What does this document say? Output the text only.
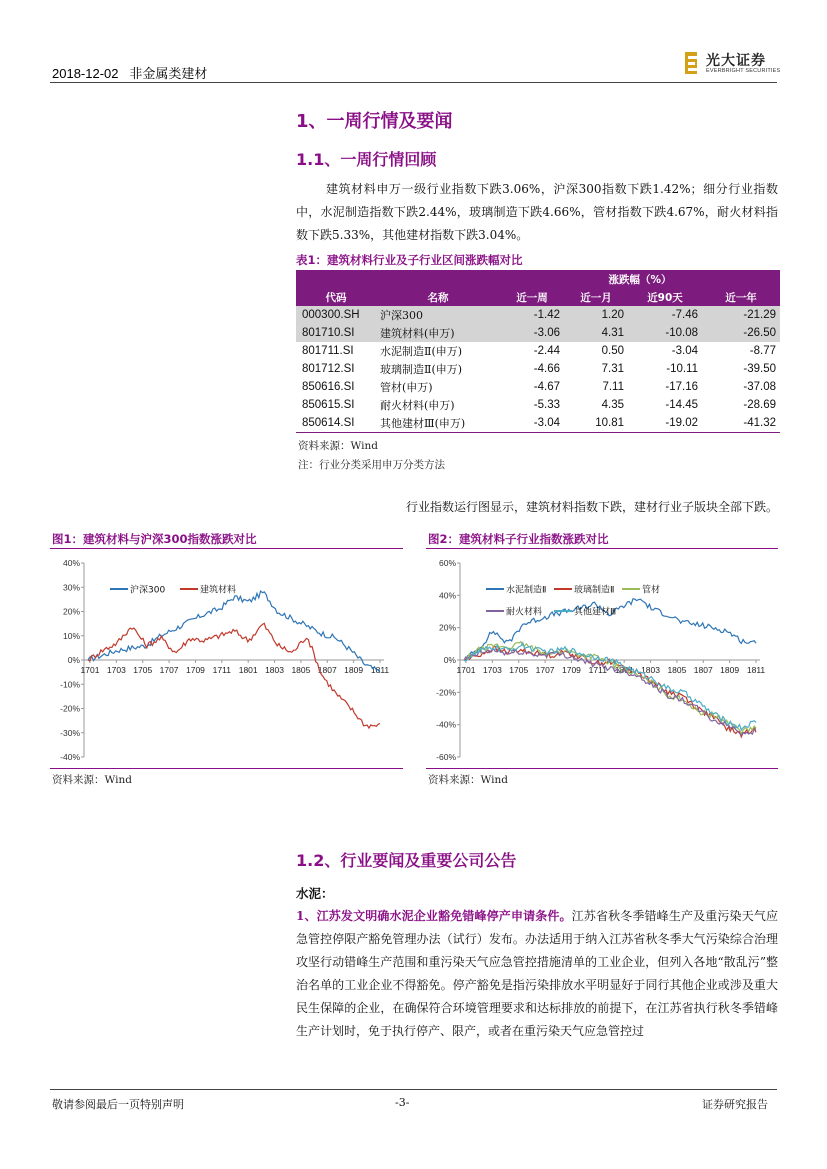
2018-12-02 非金属类建材
光大证券
EVERBRIGHT SECURITIES
1、一周行情及要闻
1.1、一周行情回顾
建筑材料申万一级行业指数下跌3.06%，沪深300指数下跌1.42%；细分行业指数中，水泥制造指数下跌2.44%，玻璃制造下跌4.66%，管材指数下跌4.67%，耐火材料指数下跌5.33%，其他建材指数下跌3.04%。
表1：建筑材料行业及子行业区间涨跌幅对比
		涨跌幅（%）			
代码	名称	近一周	近一月	近90天	近一年
000300.SH	沪深300	-1.42	1.20	-7.46	-21.29
801710.SI	建筑材料(申万)	-3.06	4.31	-10.08	-26.50
801711.SI	水泥制造Ⅱ(申万)	-2.44	0.50	-3.04	-8.77
801712.SI	玻璃制造Ⅱ(申万)	-4.66	7.31	-10.11	-39.50
850616.SI	管材(申万)	-4.67	7.11	-17.16	-37.08
850615.SI	耐火材料(申万)	-5.33	4.35	-14.45	-28.69
850614.SI	其他建材Ⅲ(申万)	-3.04	10.81	-19.02	-41.32
资料来源：Wind
注：行业分类采用申万分类方法
行业指数运行图显示，建筑材料指数下跌，建材行业子版块全部下跌。
图1：建筑材料与沪深300指数涨跌对比
40%
30%
20%
10%
0%
-10%
-20%
-30%
-40%
1701 1703 1705 1707 1709 1711 1801 1803 1805 1807 1809 1811
沪深300	建筑材料
资料来源：Wind
图2：建筑材料子行业指数涨跌对比
60%
40%
20%
0%
-20%
-40%
-60%
1701 1703 1705 1707 1709 1711 1801 1803 1805 1807 1809 1811
水泥制造Ⅱ	玻璃制造Ⅱ	管材
耐火材料	其他建材Ⅲ
资料来源：Wind
1.2、行业要闻及重要公司公告
水泥：
1、江苏发文明确水泥企业豁免错峰停产申请条件。江苏省秋冬季错峰生产及重污染天气应急管控停限产豁免管理办法（试行）发布。办法适用于纳入江苏省秋冬季大气污染综合治理攻坚行动错峰生产范围和重污染天气应急管控措施清单的工业企业，但列入各地“散乱污”整治名单的工业企业不得豁免。停产豁免是指污染排放水平明显好于同行其他企业或涉及重大民生保障的企业，在确保符合环境管理要求和达标排放的前提下，在江苏省执行秋冬季错峰生产计划时，免于执行停产、限产，或者在重污染天气应急管控过
敬请参阅最后一页特别声明	-3-	证券研究报告
